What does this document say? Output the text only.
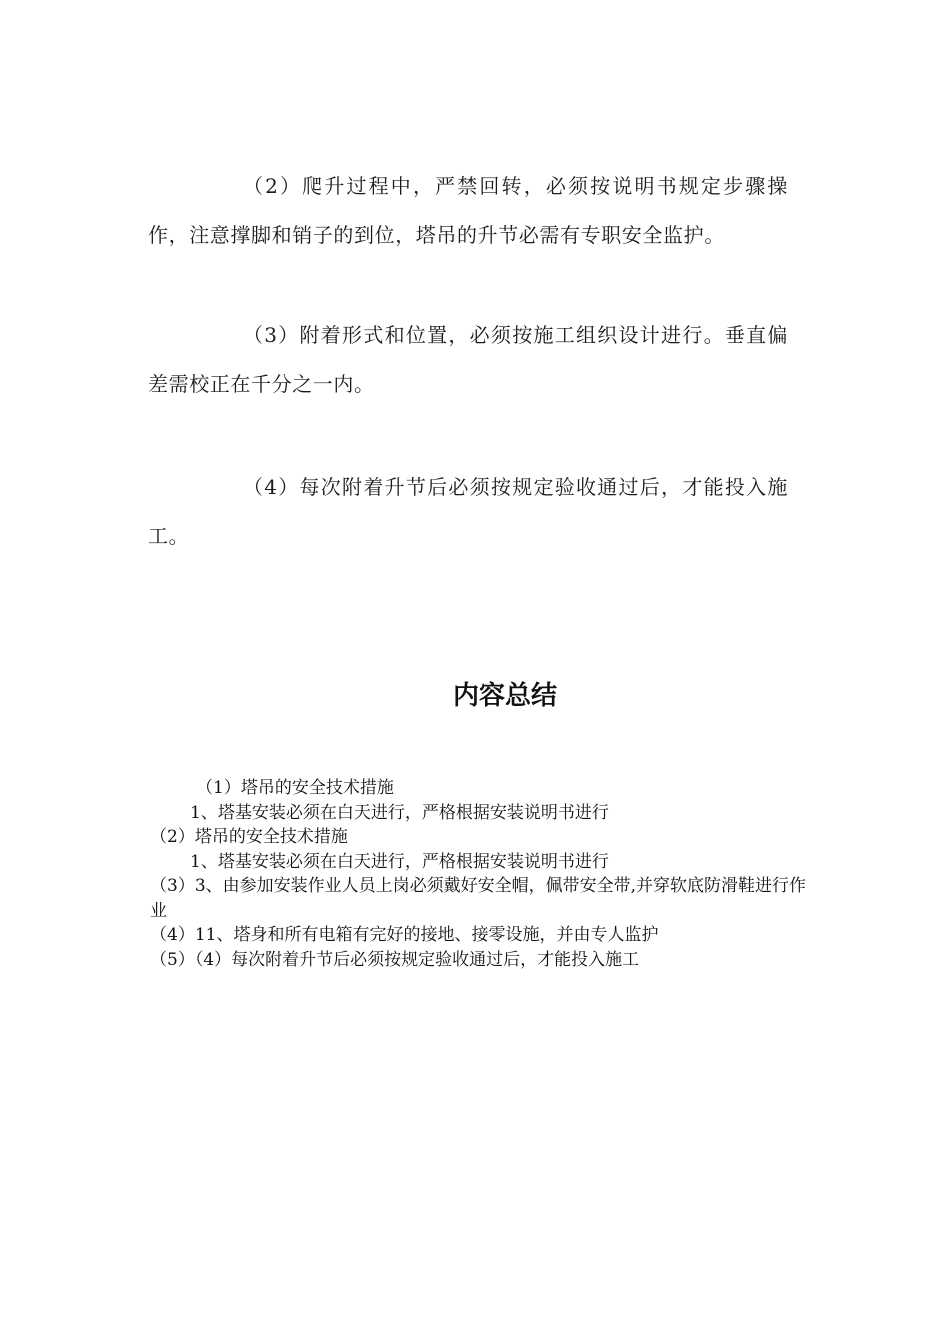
（2）爬升过程中，严禁回转，必须按说明书规定步骤操作，注意撑脚和销子的到位，塔吊的升节必需有专职安全监护。

（3）附着形式和位置，必须按施工组织设计进行。垂直偏差需校正在千分之一内。

（4）每次附着升节后必须按规定验收通过后，才能投入施工。

内容总结
（1）塔吊的安全技术措施
1、塔基安装必须在白天进行，严格根据安装说明书进行
（2）塔吊的安全技术措施
1、塔基安装必须在白天进行，严格根据安装说明书进行
（3）3、由参加安装作业人员上岗必须戴好安全帽，佩带安全带,并穿软底防滑鞋进行作业
（4）11、塔身和所有电箱有完好的接地、接零设施，并由专人监护
（5）（4）每次附着升节后必须按规定验收通过后，才能投入施工
